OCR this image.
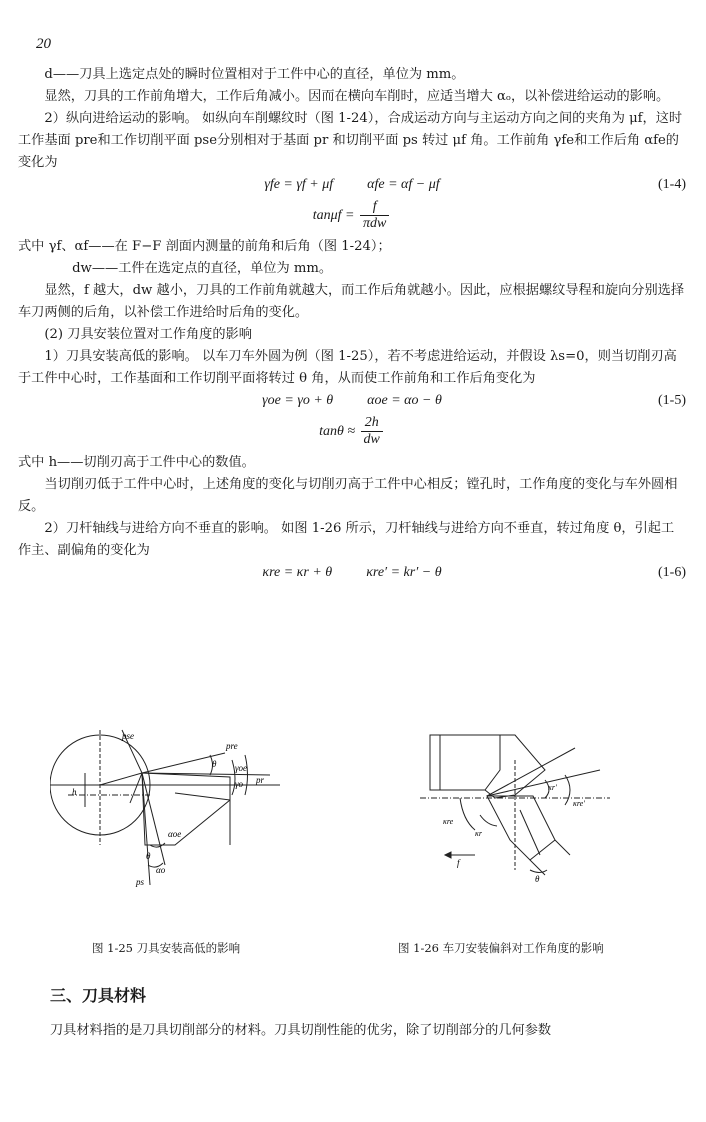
20

d——刀具上选定点处的瞬时位置相对于工件中心的直径，单位为 mm。

显然，刀具的工作前角增大，工作后角减小。因而在横向车削时，应适当增大 αₒ，以补偿进给运动的影响。

2）纵向进给运动的影响。 如纵向车削螺纹时（图 1-24），合成运动方向与主运动方向之间的夹角为 μf，这时工作基面 pre和工作切削平面 pse分别相对于基面 pr 和切削平面 ps 转过 μf 角。工作前角 γfe和工作后角 αfe的变化为

γfe = γf + μf αfe = αf − μf	(1-4)
$\tan\mu f = \frac{f}{\text{πdw}}$

式中 γf、αf——在 F−F 剖面内测量的前角和后角（图 1-24）；

dw——工件在选定点的直径，单位为 mm。

显然，f 越大，dw 越小，刀具的工作前角就越大，而工作后角就越小。因此，应根据螺纹导程和旋向分别选择车刀两侧的后角，以补偿工作进给时后角的变化。

(2) 刀具安装位置对工作角度的影响

1）刀具安装高低的影响。 以车刀车外圆为例（图 1-25），若不考虑进给运动，并假设 λs=0，则当切削刃高于工件中心时，工作基面和工作切削平面将转过 θ 角，从而使工作前角和工作后角变化为

γoe = γo + θ αoe = αo − θ	(1-5)
$\tan\theta \approx \frac{2h}{dw}$

式中 h——切削刃高于工件中心的数值。

当切削刃低于工件中心时，上述角度的变化与切削刃高于工件中心相反；镗孔时，工作角度的变化与车外圆相反。

2）刀杆轴线与进给方向不垂直的影响。 如图 1-26 所示，刀杆轴线与进给方向不垂直，转过角度 θ，引起工作主、副偏角的变化为

κre = κr + θ κre′ = kr′ − θ	(1-6)
pse
pre
θ γoe
γo pr
h
αoe
θ
αo
ps
κr′
κre′
κre
κr
f
θ
图 1-25 刀具安装高低的影响	图 1-26 车刀安装偏斜对工作角度的影响
三、刀具材料
刀具材料指的是刀具切削部分的材料。刀具切削性能的优劣，除了切削部分的几何参数
